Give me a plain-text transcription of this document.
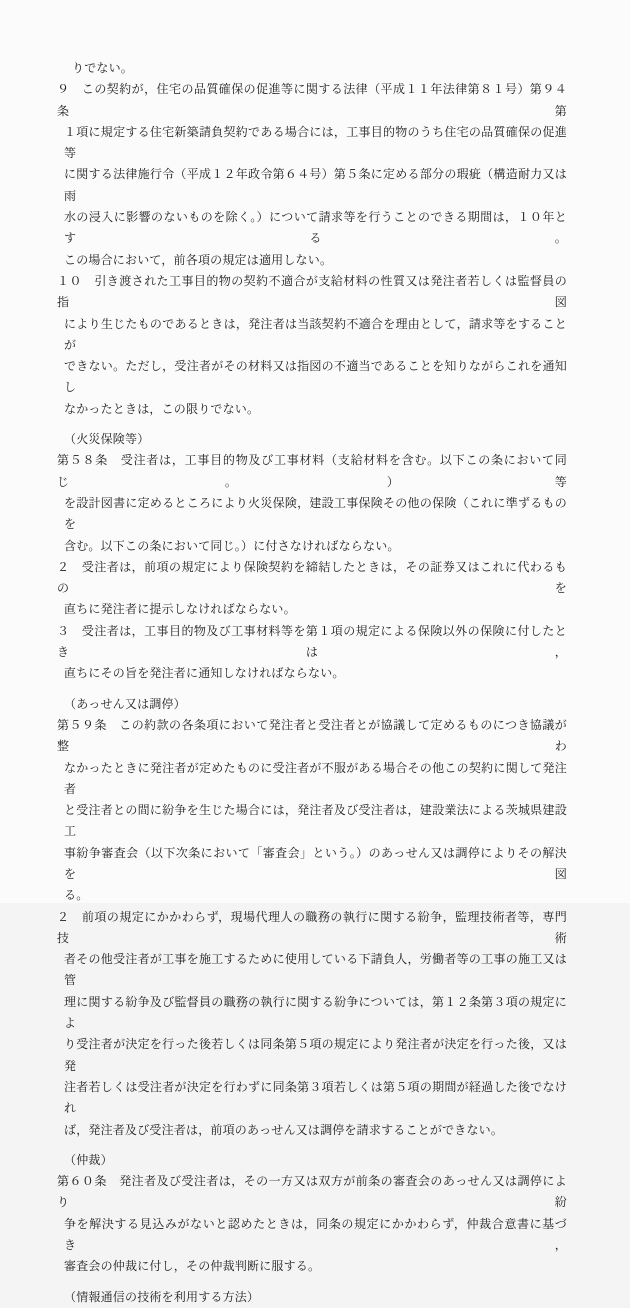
りでない。
９　この契約が，住宅の品質確保の促進等に関する法律（平成１１年法律第８１号）第９４条第
１項に規定する住宅新築請負契約である場合には，工事目的物のうち住宅の品質確保の促進等
に関する法律施行令（平成１２年政令第６４号）第５条に定める部分の瑕疵（構造耐力又は雨
水の浸入に影響のないものを除く。）について請求等を行うことのできる期間は，１０年とする。
この場合において，前各項の規定は適用しない。
１０　引き渡された工事目的物の契約不適合が支給材料の性質又は発注者若しくは監督員の指図
により生じたものであるときは，発注者は当該契約不適合を理由として，請求等をすることが
できない。ただし，受注者がその材料又は指図の不適当であることを知りながらこれを通知し
なかったときは，この限りでない。
（火災保険等）
第５８条　受注者は，工事目的物及び工事材料（支給材料を含む。以下この条において同じ。）等
を設計図書に定めるところにより火災保険，建設工事保険その他の保険（これに準ずるものを
含む。以下この条において同じ。）に付さなければならない。
２　受注者は，前項の規定により保険契約を締結したときは，その証券又はこれに代わるものを
直ちに発注者に提示しなければならない。
３　受注者は，工事目的物及び工事材料等を第１項の規定による保険以外の保険に付したときは，
直ちにその旨を発注者に通知しなければならない。
（あっせん又は調停）
第５９条　この約款の各条項において発注者と受注者とが協議して定めるものにつき協議が整わ
なかったときに発注者が定めたものに受注者が不服がある場合その他この契約に関して発注者
と受注者との間に紛争を生じた場合には，発注者及び受注者は，建設業法による茨城県建設工
事紛争審査会（以下次条において「審査会」という。）のあっせん又は調停によりその解決を図
る。
２　前項の規定にかかわらず，現場代理人の職務の執行に関する紛争，監理技術者等，専門技術
者その他受注者が工事を施工するために使用している下請負人，労働者等の工事の施工又は管
理に関する紛争及び監督員の職務の執行に関する紛争については，第１２条第３項の規定によ
り受注者が決定を行った後若しくは同条第５項の規定により発注者が決定を行った後，又は発
注者若しくは受注者が決定を行わずに同条第３項若しくは第５項の期間が経過した後でなけれ
ば，発注者及び受注者は，前項のあっせん又は調停を請求することができない。
（仲裁）
第６０条　発注者及び受注者は，その一方又は双方が前条の審査会のあっせん又は調停により紛
争を解決する見込みがないと認めたときは，同条の規定にかかわらず，仲裁合意書に基づき，
審査会の仲裁に付し，その仲裁判断に服する。
（情報通信の技術を利用する方法）
